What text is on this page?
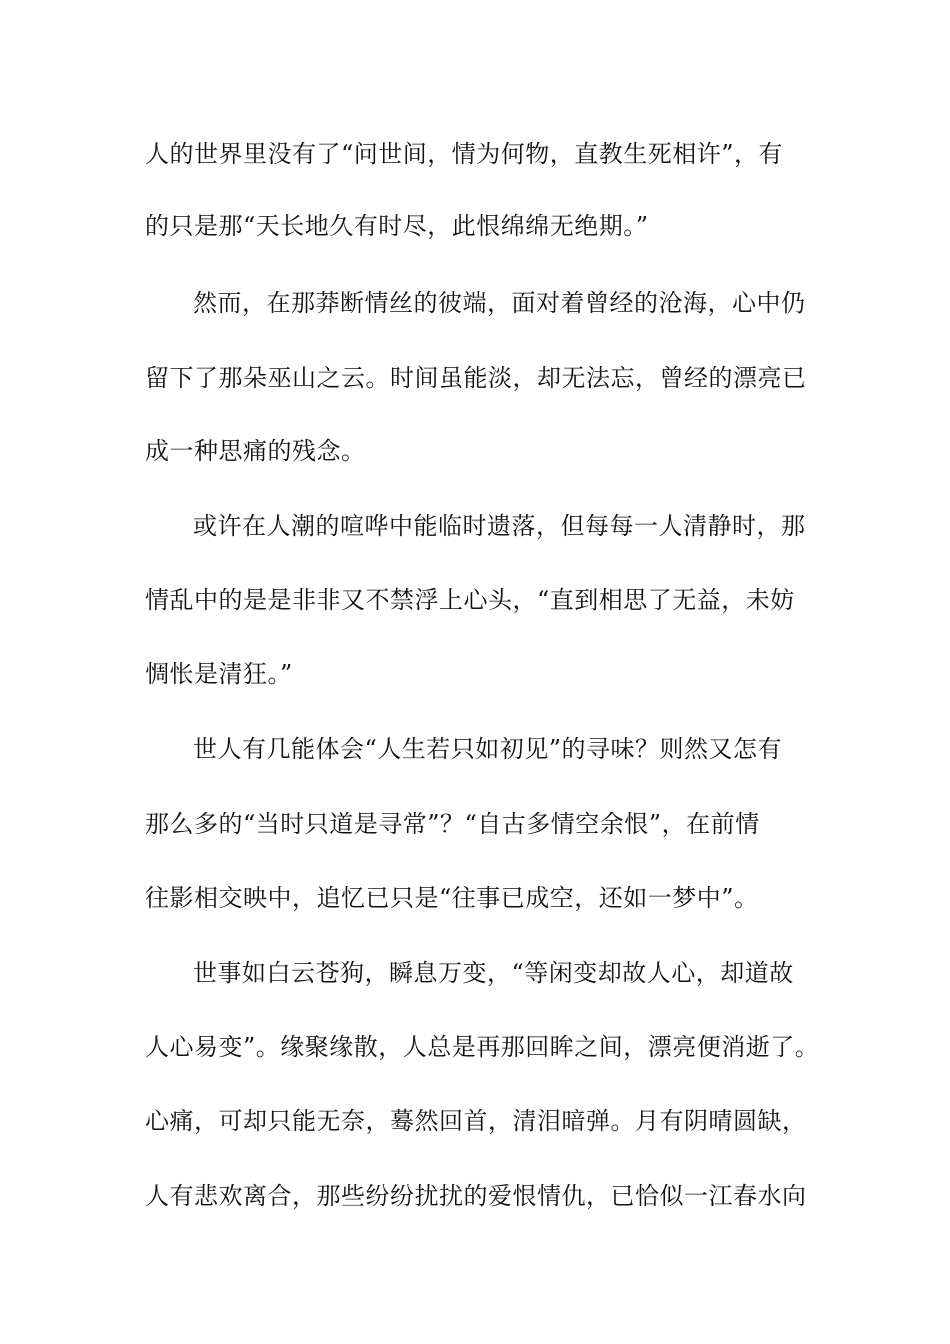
人的世界里没有了“问世间，情为何物，直教生死相许”，有

的只是那“天长地久有时尽，此恨绵绵无绝期。”

然而，在那莽断情丝的彼端，面对着曾经的沧海，心中仍

留下了那朵巫山之云。时间虽能淡，却无法忘，曾经的漂亮已

成一种思痛的残念。

或许在人潮的喧哗中能临时遗落，但每每一人清静时，那

情乱中的是是非非又不禁浮上心头，“直到相思了无益，未妨

惆怅是清狂。”

世人有几能体会“人生若只如初见”的寻味？则然又怎有

那么多的“当时只道是寻常”？“自古多情空余恨”，在前情

往影相交映中，追忆已只是“往事已成空，还如一梦中”。

世事如白云苍狗，瞬息万变，“等闲变却故人心，却道故

人心易变”。缘聚缘散，人总是再那回眸之间，漂亮便消逝了。

心痛，可却只能无奈，蓦然回首，清泪暗弹。月有阴晴圆缺，

人有悲欢离合，那些纷纷扰扰的爱恨情仇，已恰似一江春水向
